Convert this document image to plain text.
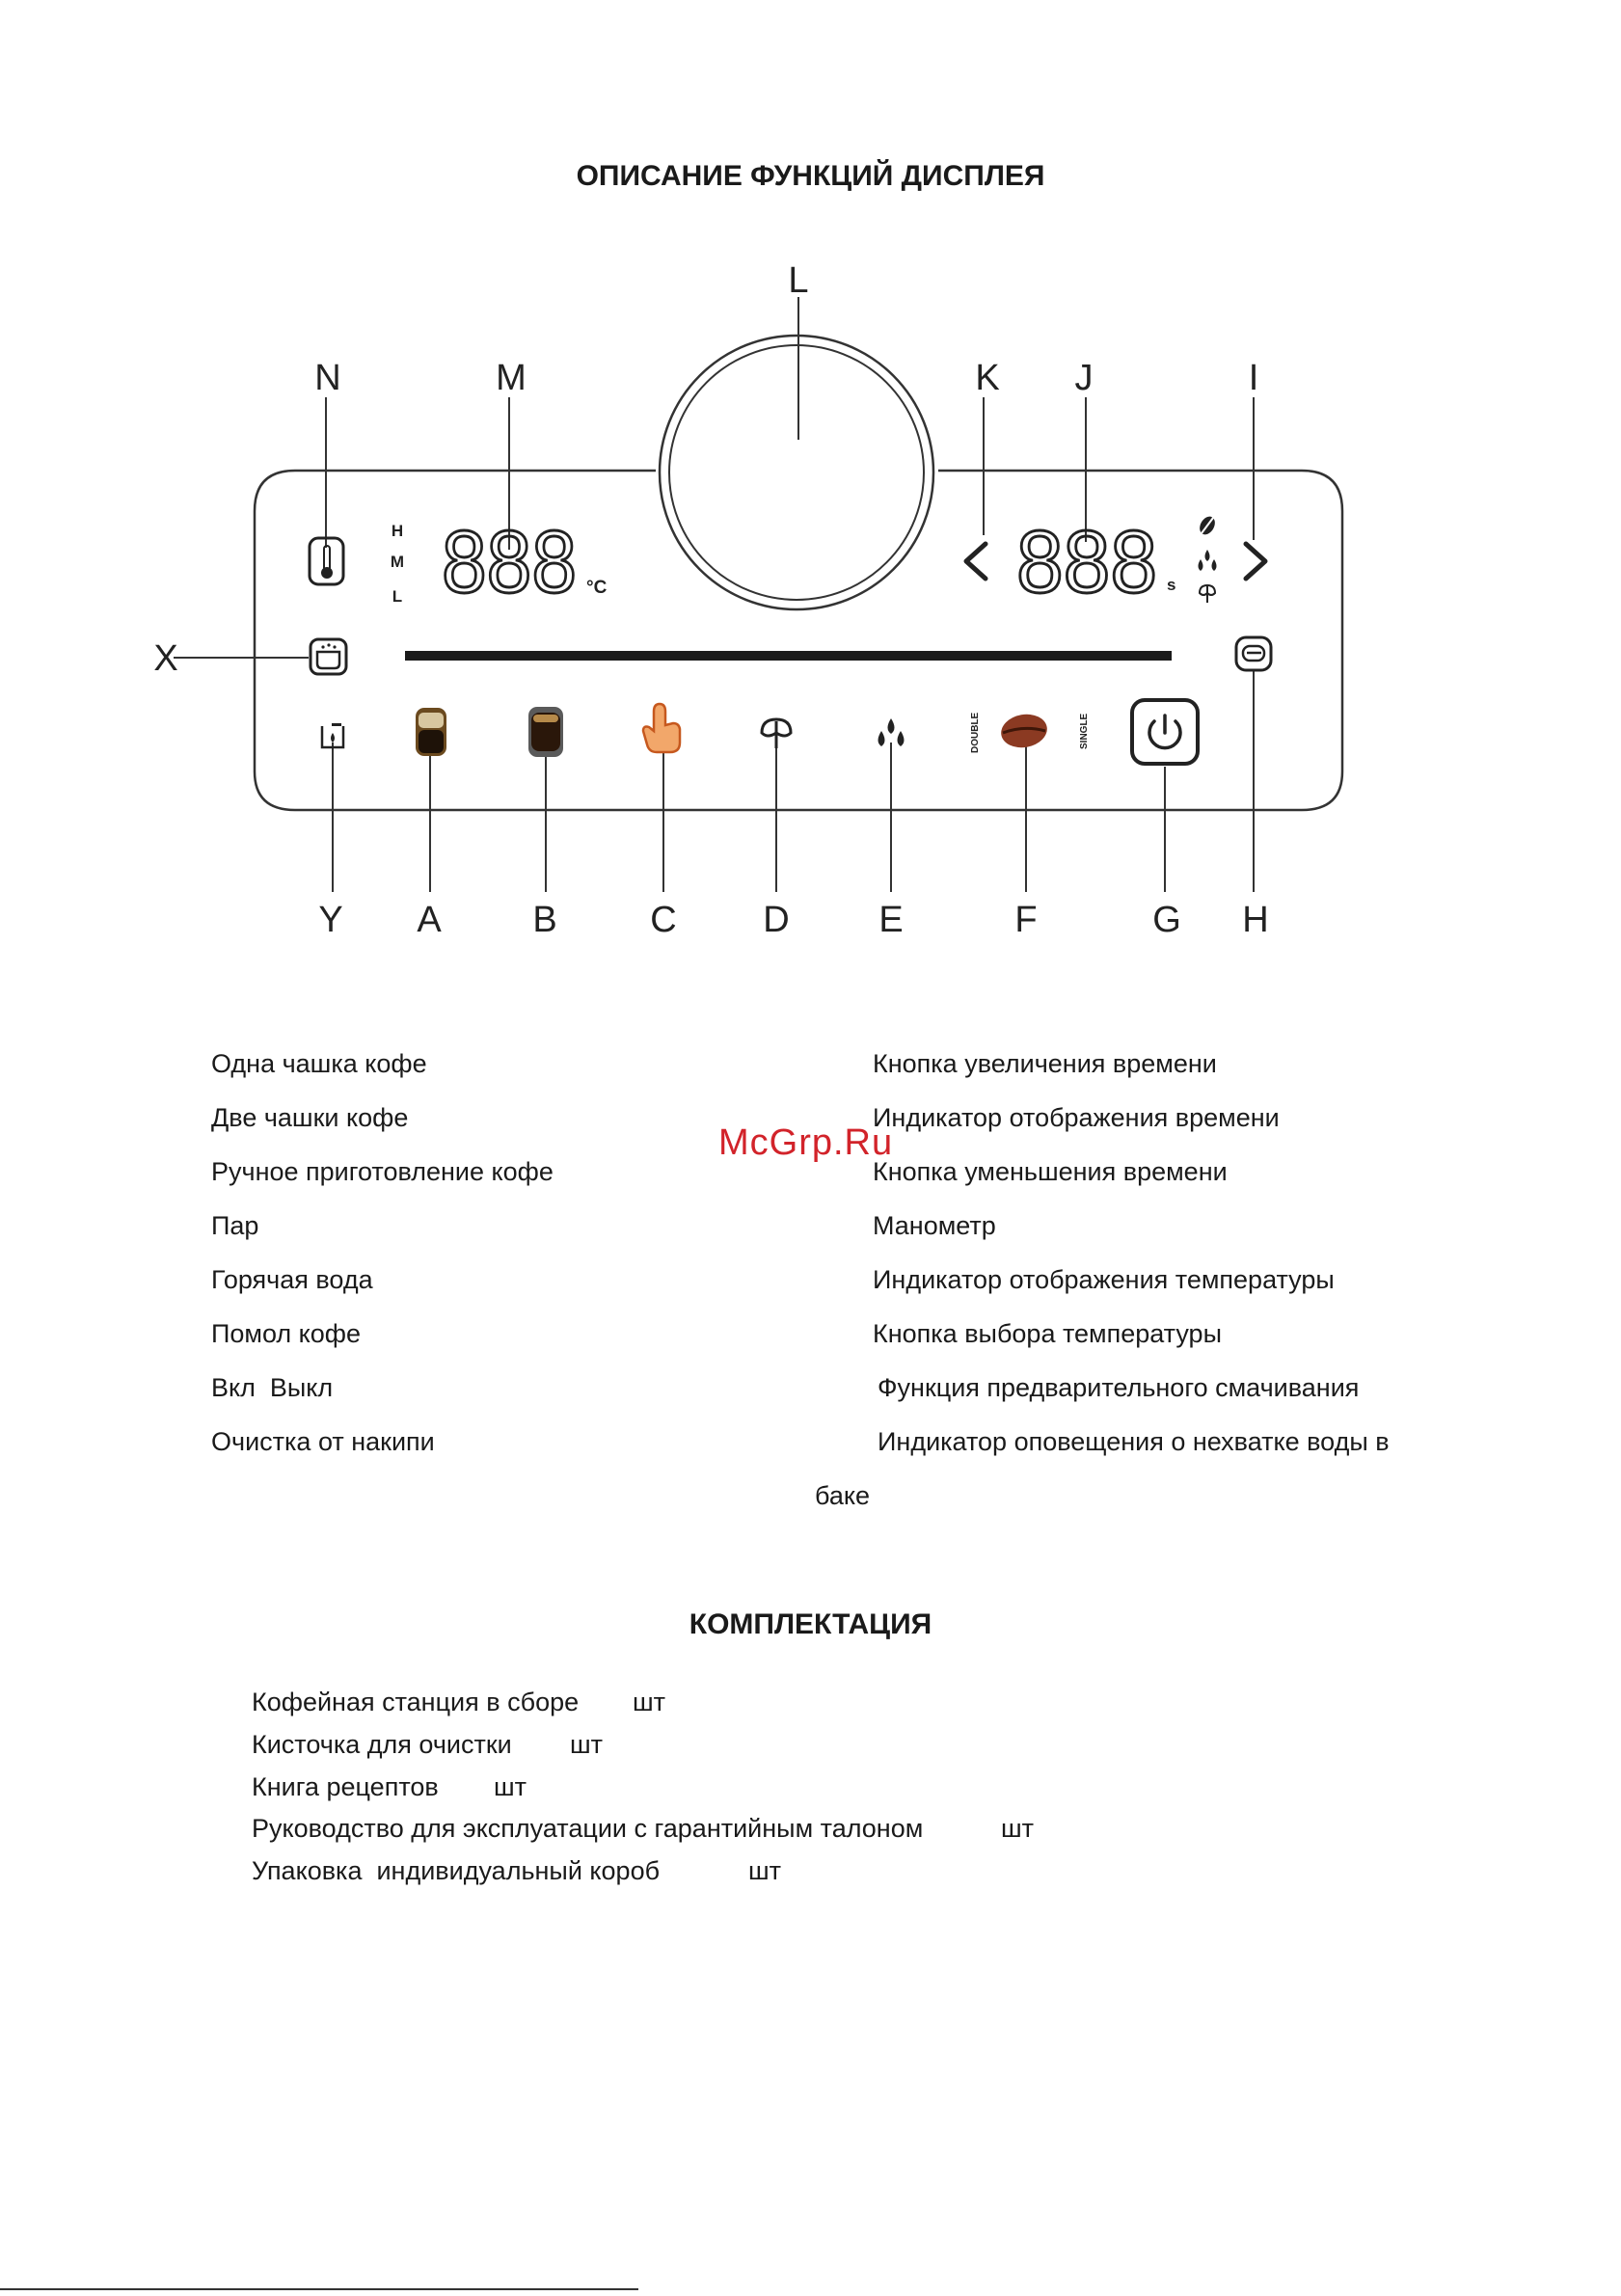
ОПИСАНИЕ ФУНКЦИЙ ДИСПЛЕЯ
L
N	M	K J	I
X
Y A B	C D E	F	G H
H
M
L 888 °C	888 s
DOUBLE	SINGLE
Одна чашка кофе
Две чашки кофе
Ручное приготовление кофе
Пар
Горячая вода
Помол кофе
Вкл  Выкл
Очистка от накипи
Кнопка увеличения времени
Индикатор отображения времени
Кнопка уменьшения времени
Манометр
Индикатор отображения температуры
Кнопка выбора температуры
Функция предварительного смачивания
Индикатор оповещения о нехватке воды в
баке
McGrp.Ru
КОМПЛЕКТАЦИЯ
Кофейная станция в сборе шт
Кисточка для очистки шт
Книга рецептов шт
Руководство для эксплуатации с гарантийным талоном	шт
Упаковка  индивидуальный короб	шт
